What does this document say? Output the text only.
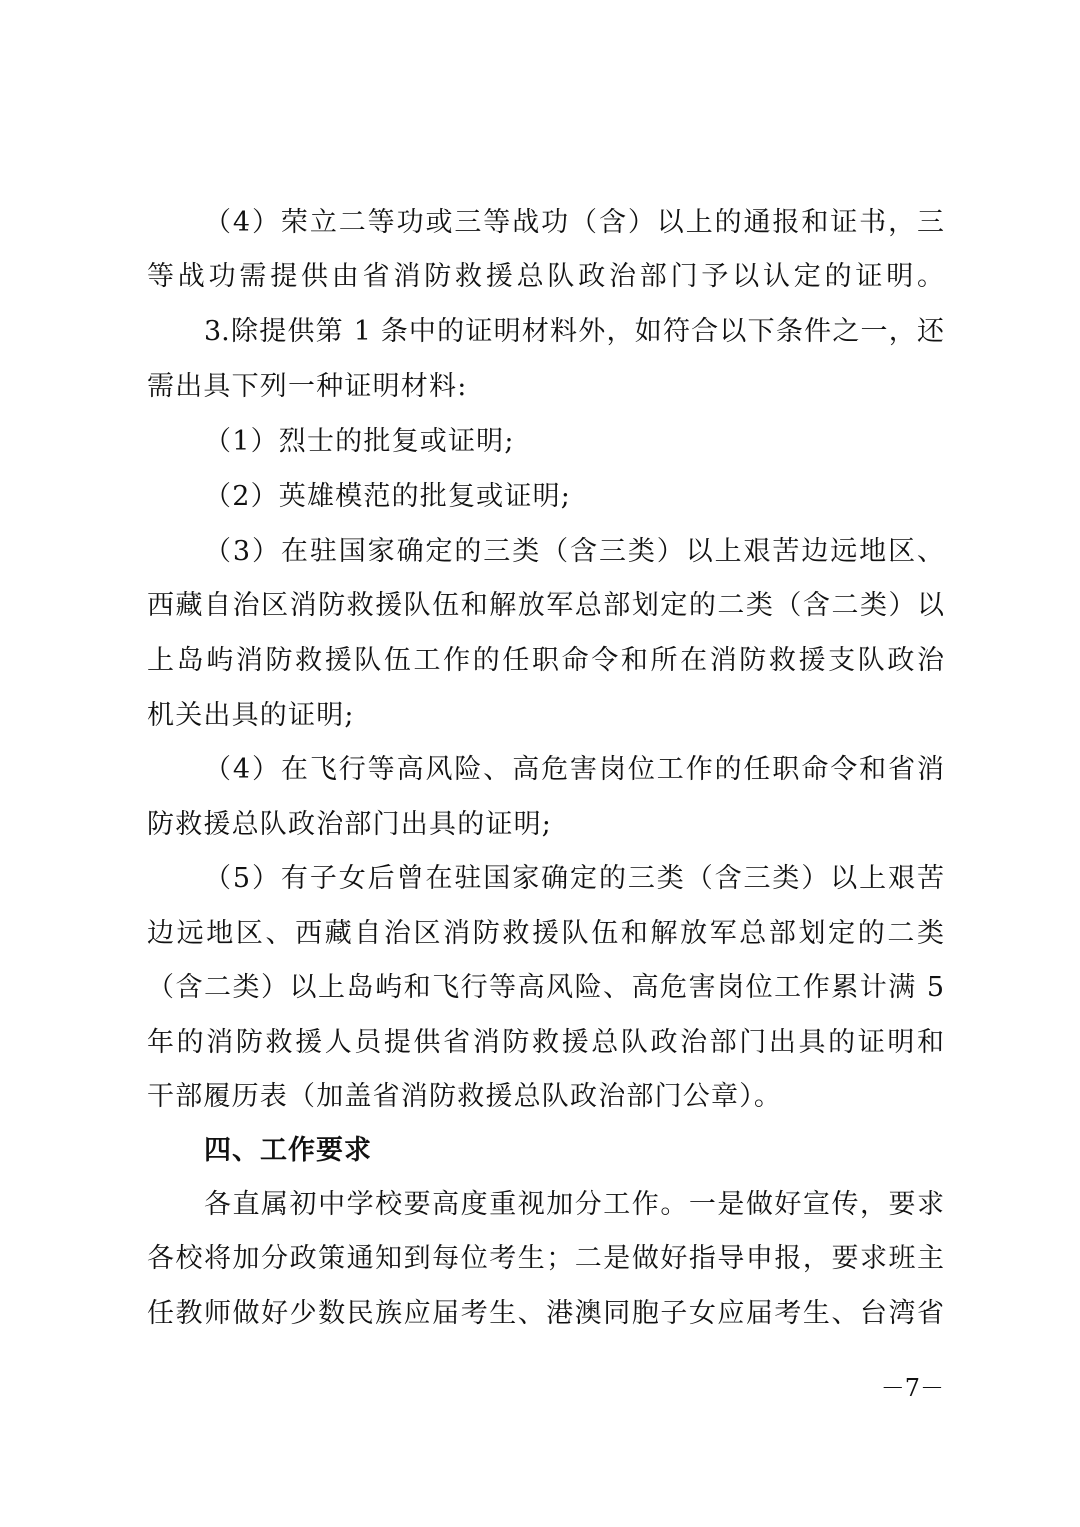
（4）荣立二等功或三等战功（含）以上的通报和证书，三
等战功需提供由省消防救援总队政治部门予以认定的证明。
3.除提供第 1 条中的证明材料外，如符合以下条件之一，还
需出具下列一种证明材料:
（1）烈士的批复或证明;
（2）英雄模范的批复或证明;
（3）在驻国家确定的三类（含三类）以上艰苦边远地区、
西藏自治区消防救援队伍和解放军总部划定的二类（含二类）以
上岛屿消防救援队伍工作的任职命令和所在消防救援支队政治
机关出具的证明;
（4）在飞行等高风险、高危害岗位工作的任职命令和省消
防救援总队政治部门出具的证明;
（5）有子女后曾在驻国家确定的三类（含三类）以上艰苦
边远地区、西藏自治区消防救援队伍和解放军总部划定的二类
（含二类）以上岛屿和飞行等高风险、高危害岗位工作累计满 5
年的消防救援人员提供省消防救援总队政治部门出具的证明和
干部履历表（加盖省消防救援总队政治部门公章）。
四、工作要求
各直属初中学校要高度重视加分工作。一是做好宣传，要求
各校将加分政策通知到每位考生；二是做好指导申报，要求班主
任教师做好少数民族应届考生、港澳同胞子女应届考生、台湾省
－7－
